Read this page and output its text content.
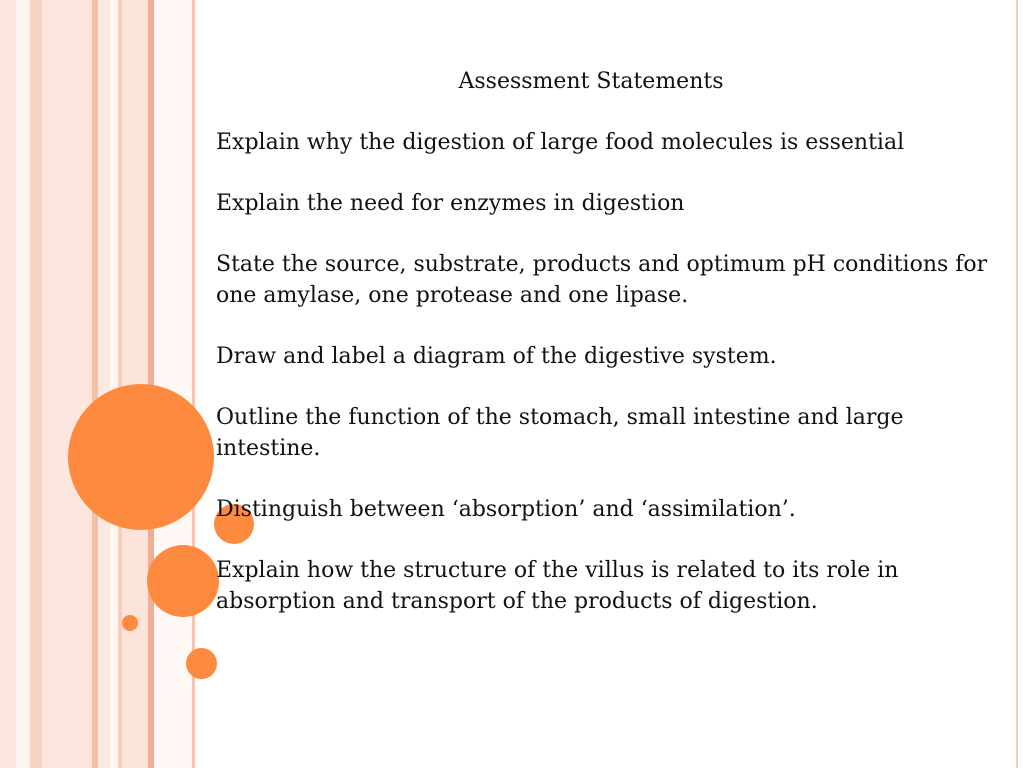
Assessment Statements
Explain why the digestion of large food molecules is essential
Explain the need for enzymes in digestion
State the source, substrate, products and optimum pH conditions for one amylase, one protease and one lipase.
Draw and label a diagram of the digestive system.
Outline the function of the stomach, small intestine and large intestine.
Distinguish between ‘absorption’ and ‘assimilation’.
Explain how the structure of the villus is related to its role in absorption and transport of the products of digestion.
